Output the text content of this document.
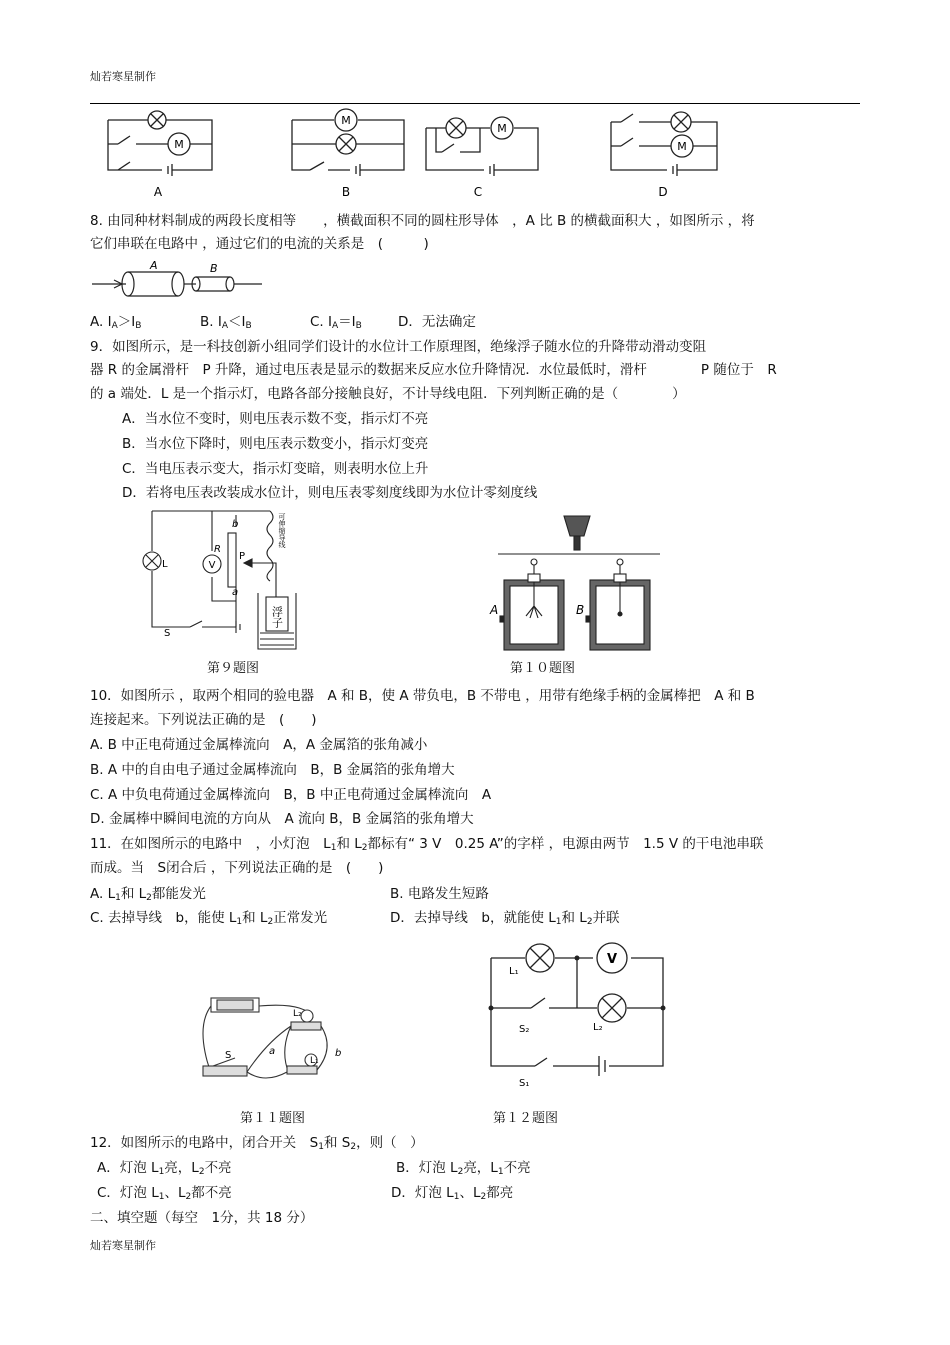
灿若寒星制作
M
A
M
B
M
C
M
D
8. 由同种材料制成的两段长度相等　　，横截面积不同的圆柱形导体　，A 比 B 的横截面积大 ，如图所示 ，将
它们串联在电路中 ，通过它们的电流的关系是　(　　　)
A	B
A. $I_A>I_B$	B. $I_A<I_B$	C. $I_A=I_B$	D．无法确定
9．如图所示，是一科技创新小组同学们设计的水位计工作原理图，绝缘浮子随水位的升降带动滑动变阻
器 R 的金属滑杆　P 升降，通过电压表是显示的数据来反应水位升降情况．水位最低时，滑杆　　　　P 随位于　R
的 a 端处．L 是一个指示灯，电路各部分接触良好，不计导线电阻．下列判断正确的是（　　　　）
A．当水位不变时，则电压表示数不变，指示灯不亮
B．当水位下降时，则电压表示数变小，指示灯变亮
C．当电压表示变大，指示灯变暗，则表明水位上升
D．若将电压表改装成水位计，则电压表零刻度线即为水位计零刻度线
L
R
V
b
P
a
S
可伸缩导线
浮子
第９题图
A	B
第１０题图
10．如图所示 ，取两个相同的验电器　A 和 B，使 A 带负电，B 不带电 ，用带有绝缘手柄的金属棒把　A 和 B
连接起来。下列说法正确的是　(　　)
A. B 中正电荷通过金属棒流向　A，A 金属箔的张角减小
B. A 中的自由电子通过金属棒流向　B，B 金属箔的张角增大
C. A 中负电荷通过金属棒流向　B，B 中正电荷通过金属棒流向　A
D. 金属棒中瞬间电流的方向从　A 流向 B，B 金属箔的张角增大
11．在如图所示的电路中　，小灯泡　$L_1$和 $L_2$都标有“ 3 V　0.25 A”的字样 ，电源由两节　1.5 V 的干电池串联
而成。当　S闭合后 ，下列说法正确的是　(　　)
A. $L_1$和 $L_2$都能发光	B. 电路发生短路
C. 去掉导线　b，能使 $L_1$和 $L_2$正常发光	D．去掉导线　b，就能使 $L_1$和 $L_2$并联
S	a	b
L₂
L₁
第１１题图
V
L₁
L₂
S₂
S₁
第１２题图
12．如图所示的电路中，闭合开关　$S_1$和 $S_2$，则（　）
A．灯泡 $L_1$亮，$L_2$不亮	B．灯泡 $L_2$亮，$L_1$不亮
C．灯泡 $L_1$、$L_2$都不亮	D．灯泡 $L_1$、$L_2$都亮
二、填空题（每空　1分，共 18 分）
灿若寒星制作
